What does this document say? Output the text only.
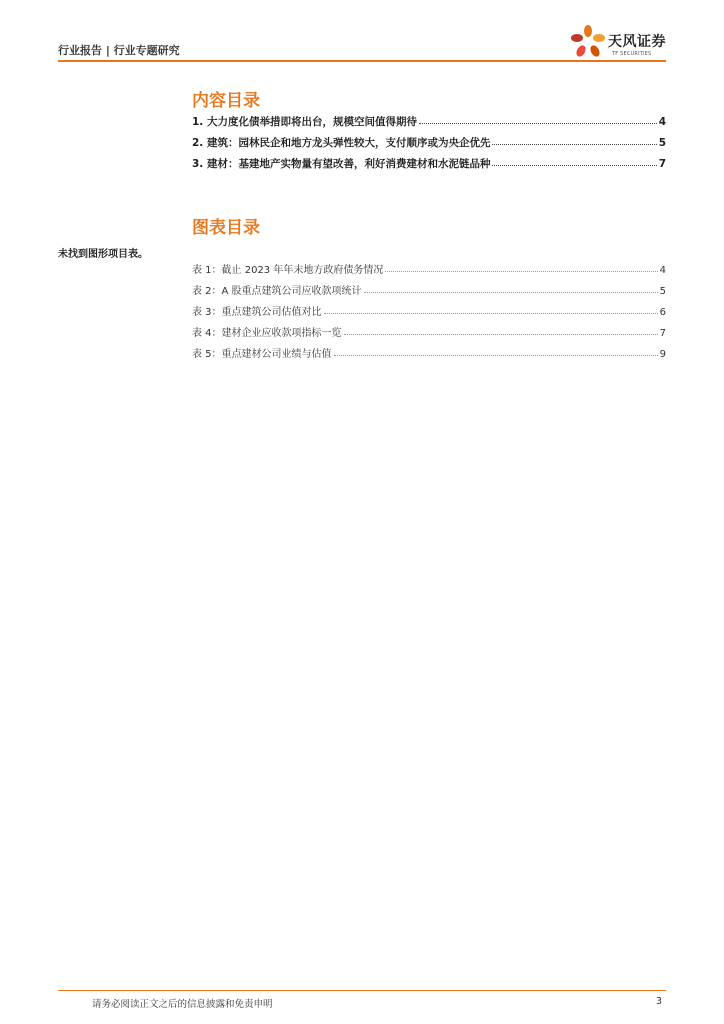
行业报告 | 行业专题研究
天风证券
TF SECURITIES
内容目录
1. 大力度化债举措即将出台，规模空间值得期待	4
2. 建筑：园林民企和地方龙头弹性较大，支付顺序或为央企优先	5
3. 建材：基建地产实物量有望改善，利好消费建材和水泥链品种	7
图表目录
未找到图形项目表。
表 1：截止 2023 年年末地方政府债务情况	4
表 2：A 股重点建筑公司应收款项统计	5
表 3：重点建筑公司估值对比	6
表 4：建材企业应收款项指标一览	7
表 5：重点建材公司业绩与估值	9
请务必阅读正文之后的信息披露和免责申明	3
